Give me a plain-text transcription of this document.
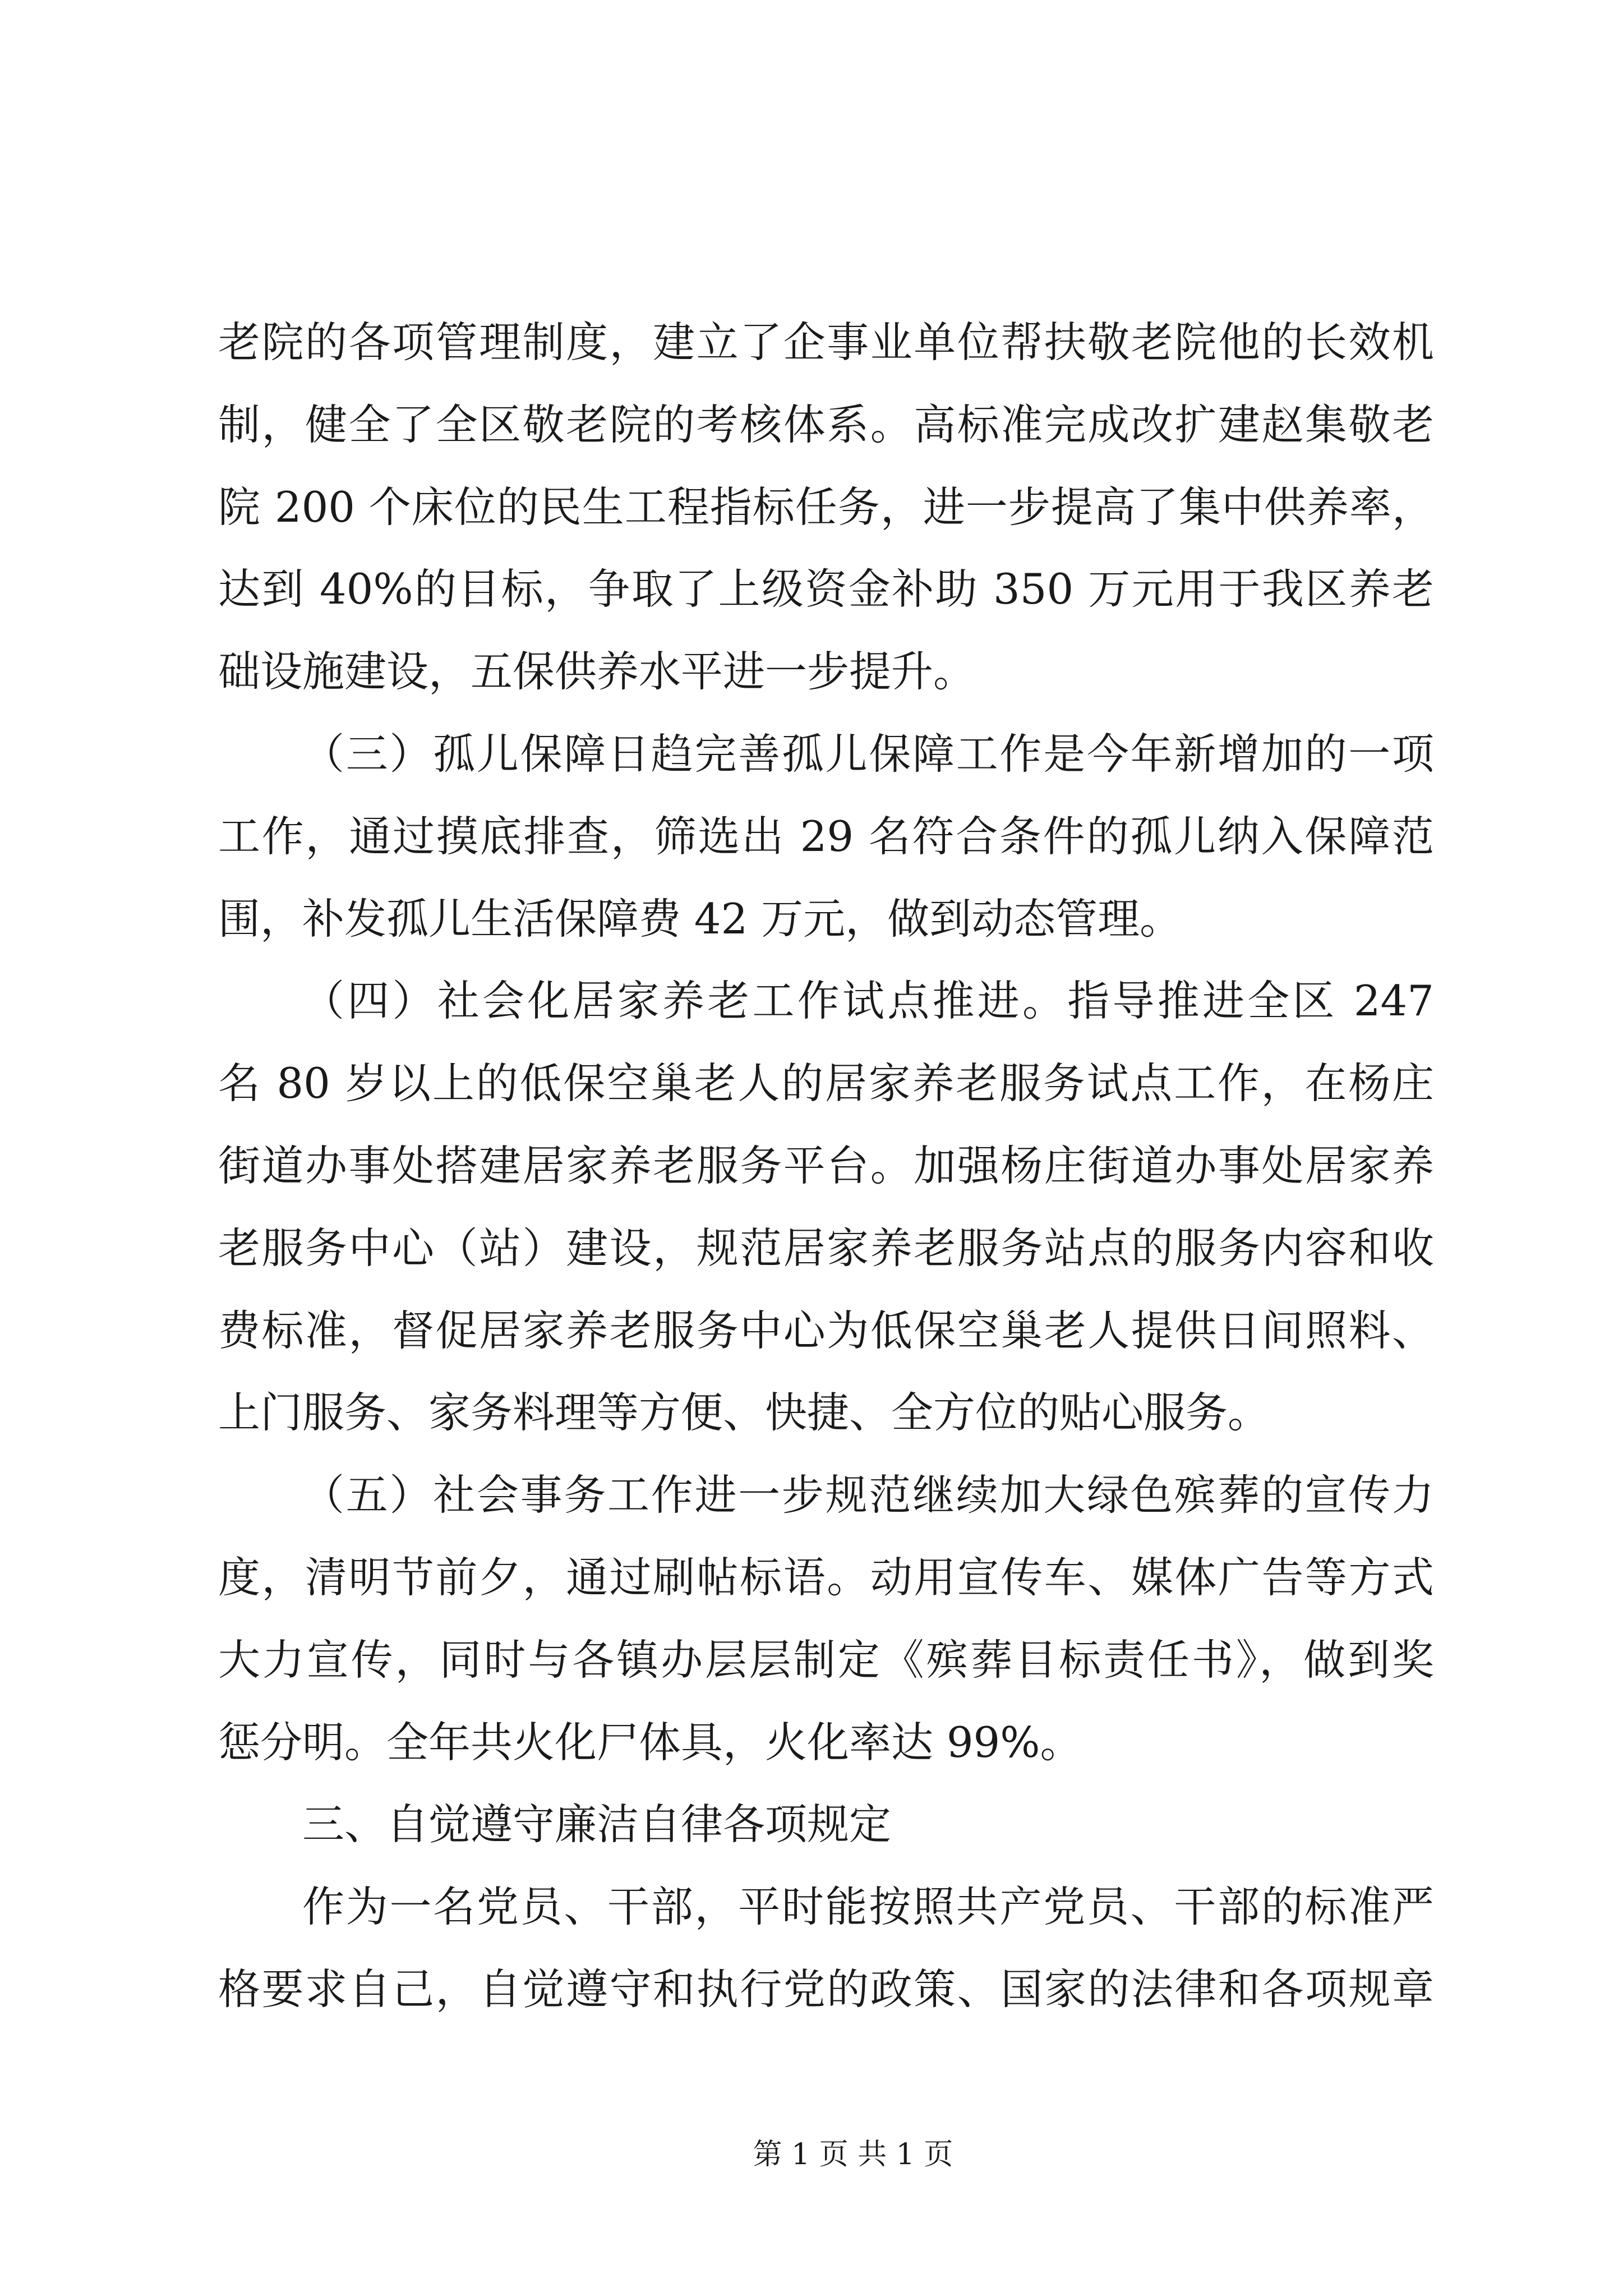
老院的各项管理制度，建立了企事业单位帮扶敬老院他的长效机
制，健全了全区敬老院的考核体系。高标准完成改扩建赵集敬老
院 200 个床位的民生工程指标任务，进一步提高了集中供养率，
达到 40%的目标，争取了上级资金补助 350 万元用于我区养老
础设施建设，五保供养水平进一步提升。
（三）孤儿保障日趋完善孤儿保障工作是今年新增加的一项
工作，通过摸底排查，筛选出 29 名符合条件的孤儿纳入保障范
围，补发孤儿生活保障费 42 万元，做到动态管理。
（四）社会化居家养老工作试点推进。指导推进全区 247
名 80 岁以上的低保空巢老人的居家养老服务试点工作，在杨庄
街道办事处搭建居家养老服务平台。加强杨庄街道办事处居家养
老服务中心（站）建设，规范居家养老服务站点的服务内容和收
费标准，督促居家养老服务中心为低保空巢老人提供日间照料、
上门服务、家务料理等方便、快捷、全方位的贴心服务。
（五）社会事务工作进一步规范继续加大绿色殡葬的宣传力
度，清明节前夕，通过刷帖标语。动用宣传车、媒体广告等方式
大力宣传，同时与各镇办层层制定《殡葬目标责任书》，做到奖
惩分明。全年共火化尸体具，火化率达 99%。
三、自觉遵守廉洁自律各项规定
作为一名党员、干部，平时能按照共产党员、干部的标准严
格要求自己，自觉遵守和执行党的政策、国家的法律和各项规章
第 1 页 共 1 页
